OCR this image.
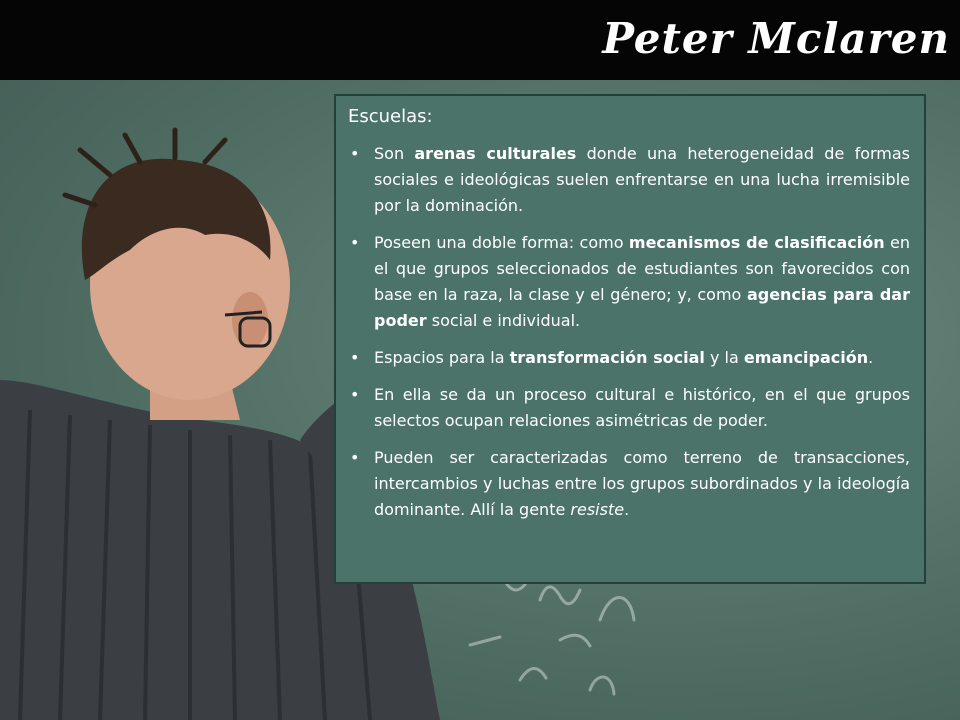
Peter Mclaren
Escuelas:
• Son arenas culturales donde una heterogeneidad de formas sociales e ideológicas suelen enfrentarse en una lucha irremisible por la dominación.
• Poseen una doble forma: como mecanismos de clasificación en el que grupos seleccionados de estudiantes son favorecidos con base en la raza, la clase y el género; y, como agencias para dar poder social e individual.
• Espacios para la transformación social y la emancipación.
• En ella se da un proceso cultural e histórico, en el que grupos selectos ocupan relaciones asimétricas de poder.
• Pueden ser caracterizadas como terreno de transacciones, intercambios y luchas entre los grupos subordinados y la ideología dominante. Allí la gente resiste.
